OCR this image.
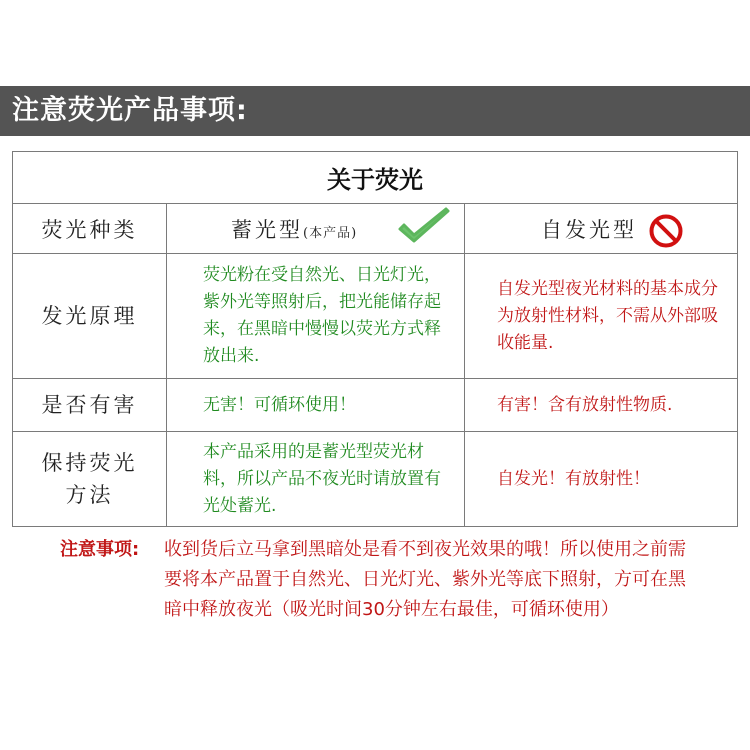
注意荧光产品事项:
关于荧光		
荧光种类	蓄光型(本产品)	自发光型
发光原理	荧光粉在受自然光、日光灯光，紫外光等照射后，把光能储存起来，在黑暗中慢慢以荧光方式释放出来.	自发光型夜光材料的基本成分为放射性材料，不需从外部吸收能量.
是否有害	无害！可循环使用！	有害！含有放射性物质.
保持荧光方法	本产品采用的是蓄光型荧光材料，所以产品不夜光时请放置有光处蓄光.	自发光！有放射性！
注意事项: 收到货后立马拿到黑暗处是看不到夜光效果的哦！所以使用之前需要将本产品置于自然光、日光灯光、紫外光等底下照射，方可在黑暗中释放夜光（吸光时间30分钟左右最佳，可循环使用）
